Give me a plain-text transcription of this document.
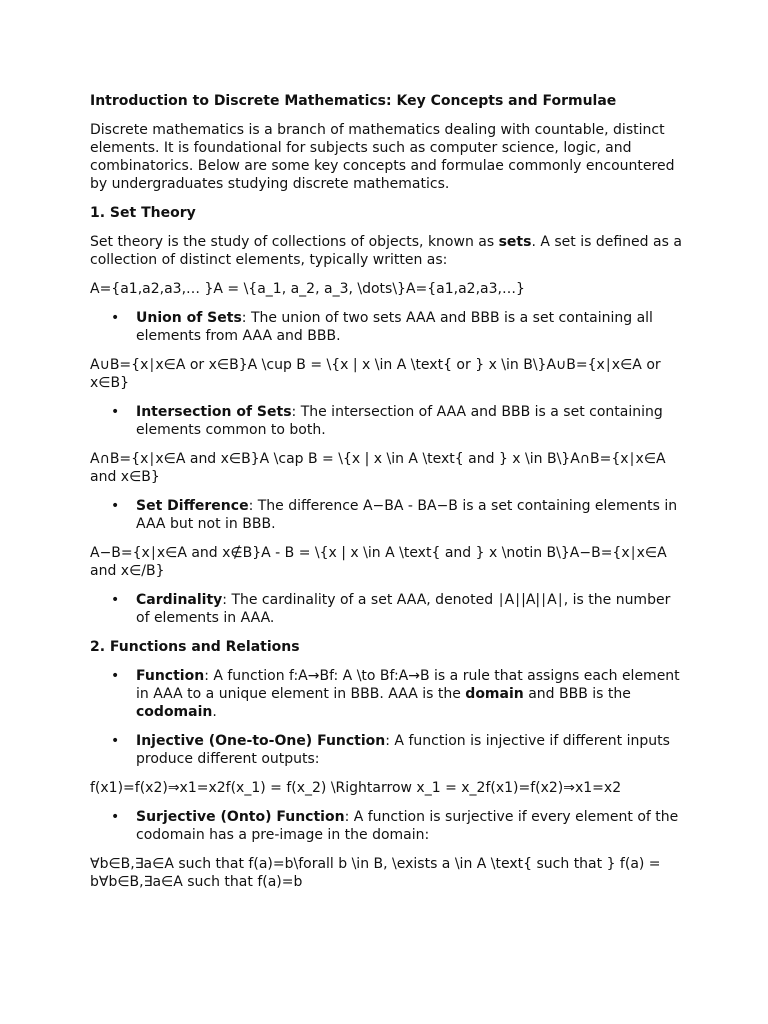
Introduction to Discrete Mathematics: Key Concepts and Formulae
Discrete mathematics is a branch of mathematics dealing with countable, distinct elements. It is foundational for subjects such as computer science, logic, and combinatorics. Below are some key concepts and formulae commonly encountered by undergraduates studying discrete mathematics.
1. Set Theory
Set theory is the study of collections of objects, known as sets. A set is defined as a collection of distinct elements, typically written as:
A={a1,a2,a3,… }A = \{a_1, a_2, a_3, \dots\}A={a1,a2,a3,…}
• Union of Sets: The union of two sets AAA and BBB is a set containing all elements from AAA and BBB.
A∪B={x∣x∈A or x∈B}A \cup B = \{x | x \in A \text{ or } x \in B\}A∪B={x∣x∈A or x∈B}
• Intersection of Sets: The intersection of AAA and BBB is a set containing elements common to both.
A∩B={x∣x∈A and x∈B}A \cap B = \{x | x \in A \text{ and } x \in B\}A∩B={x∣x∈A and x∈B}
• Set Difference: The difference A−BA - BA−B is a set containing elements in AAA but not in BBB.
A−B={x∣x∈A and x∉B}A - B = \{x | x \in A \text{ and } x \notin B\}A−B={x∣x∈A and x∈/B}
• Cardinality: The cardinality of a set AAA, denoted ∣A∣|A|∣A∣, is the number of elements in AAA.
2. Functions and Relations
• Function: A function f:A→Bf: A \to Bf:A→B is a rule that assigns each element in AAA to a unique element in BBB. AAA is the domain and BBB is the codomain.
• Injective (One-to-One) Function: A function is injective if different inputs produce different outputs:
f(x1)=f(x2)⇒x1=x2f(x_1) = f(x_2) \Rightarrow x_1 = x_2f(x1​)=f(x2​)⇒x1​=x2​
• Surjective (Onto) Function: A function is surjective if every element of the codomain has a pre-image in the domain:
∀b∈B,∃a∈A such that f(a)=b\forall b \in B, \exists a \in A \text{ such that } f(a) = b∀b∈B,∃a∈A such that f(a)=b
